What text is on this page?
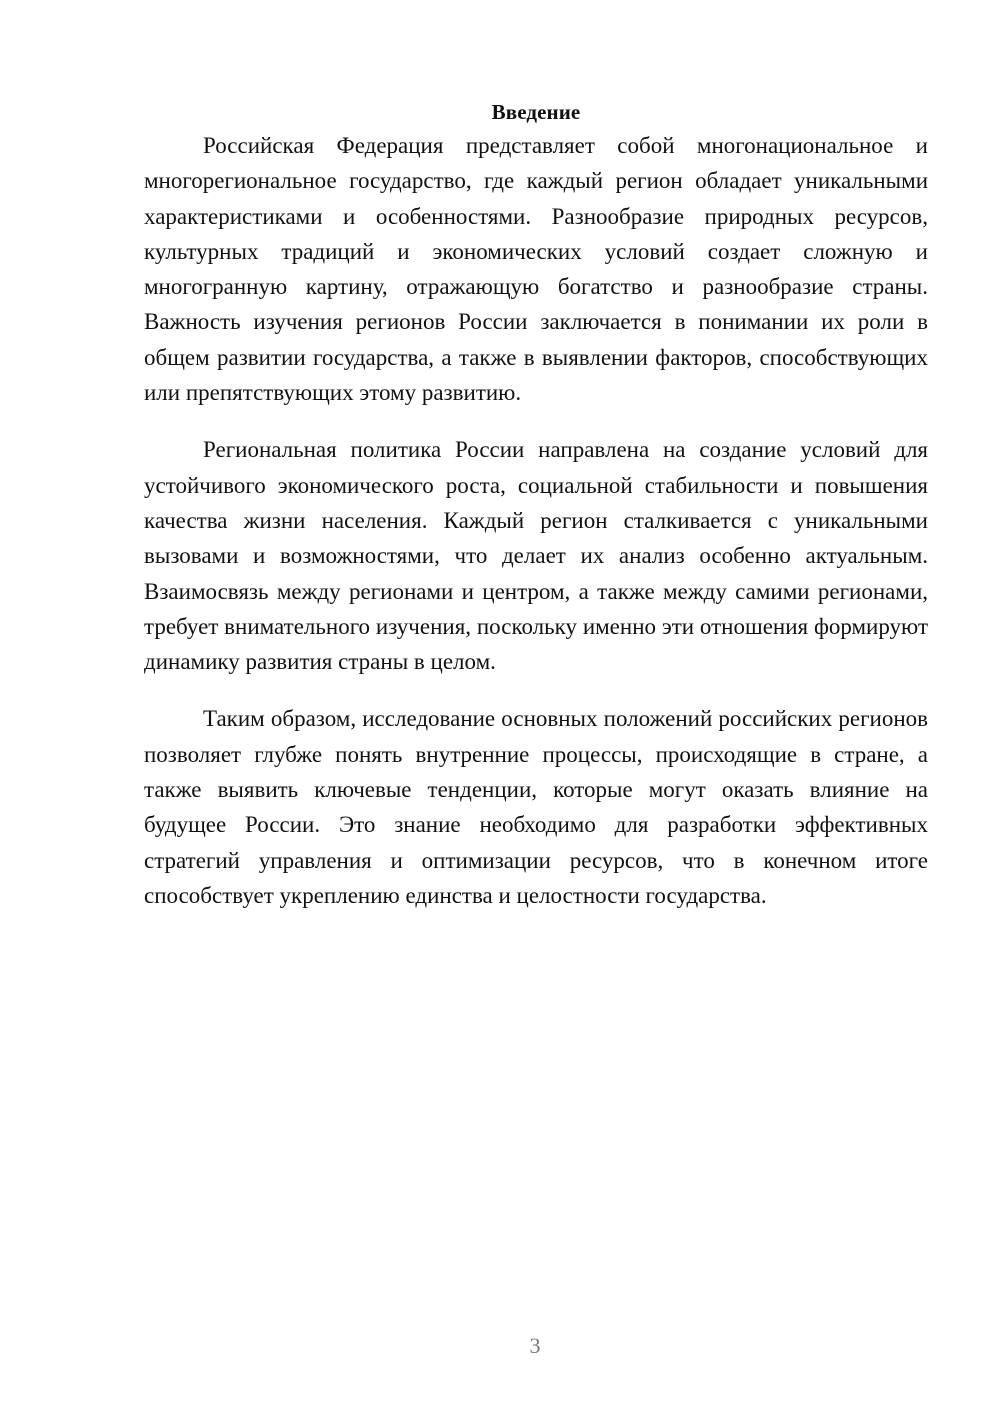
Введение

Российская Федерация представляет собой многонациональное и многорегиональное государство, где каждый регион обладает уникальными характеристиками и особенностями. Разнообразие природных ресурсов, культурных традиций и экономических условий создает сложную и многогранную картину, отражающую богатство и разнообразие страны. Важность изучения регионов России заключается в понимании их роли в общем развитии государства, а также в выявлении факторов, способствующих или препятствующих этому развитию.

Региональная политика России направлена на создание условий для устойчивого экономического роста, социальной стабильности и повышения качества жизни населения. Каждый регион сталкивается с уникальными вызовами и возможностями, что делает их анализ особенно актуальным. Взаимосвязь между регионами и центром, а также между самими регионами, требует внимательного изучения, поскольку именно эти отношения формируют динамику развития страны в целом.

Таким образом, исследование основных положений российских регионов позволяет глубже понять внутренние процессы, происходящие в стране, а также выявить ключевые тенденции, которые могут оказать влияние на будущее России. Это знание необходимо для разработки эффективных стратегий управления и оптимизации ресурсов, что в конечном итоге способствует укреплению единства и целостности государства.

3
